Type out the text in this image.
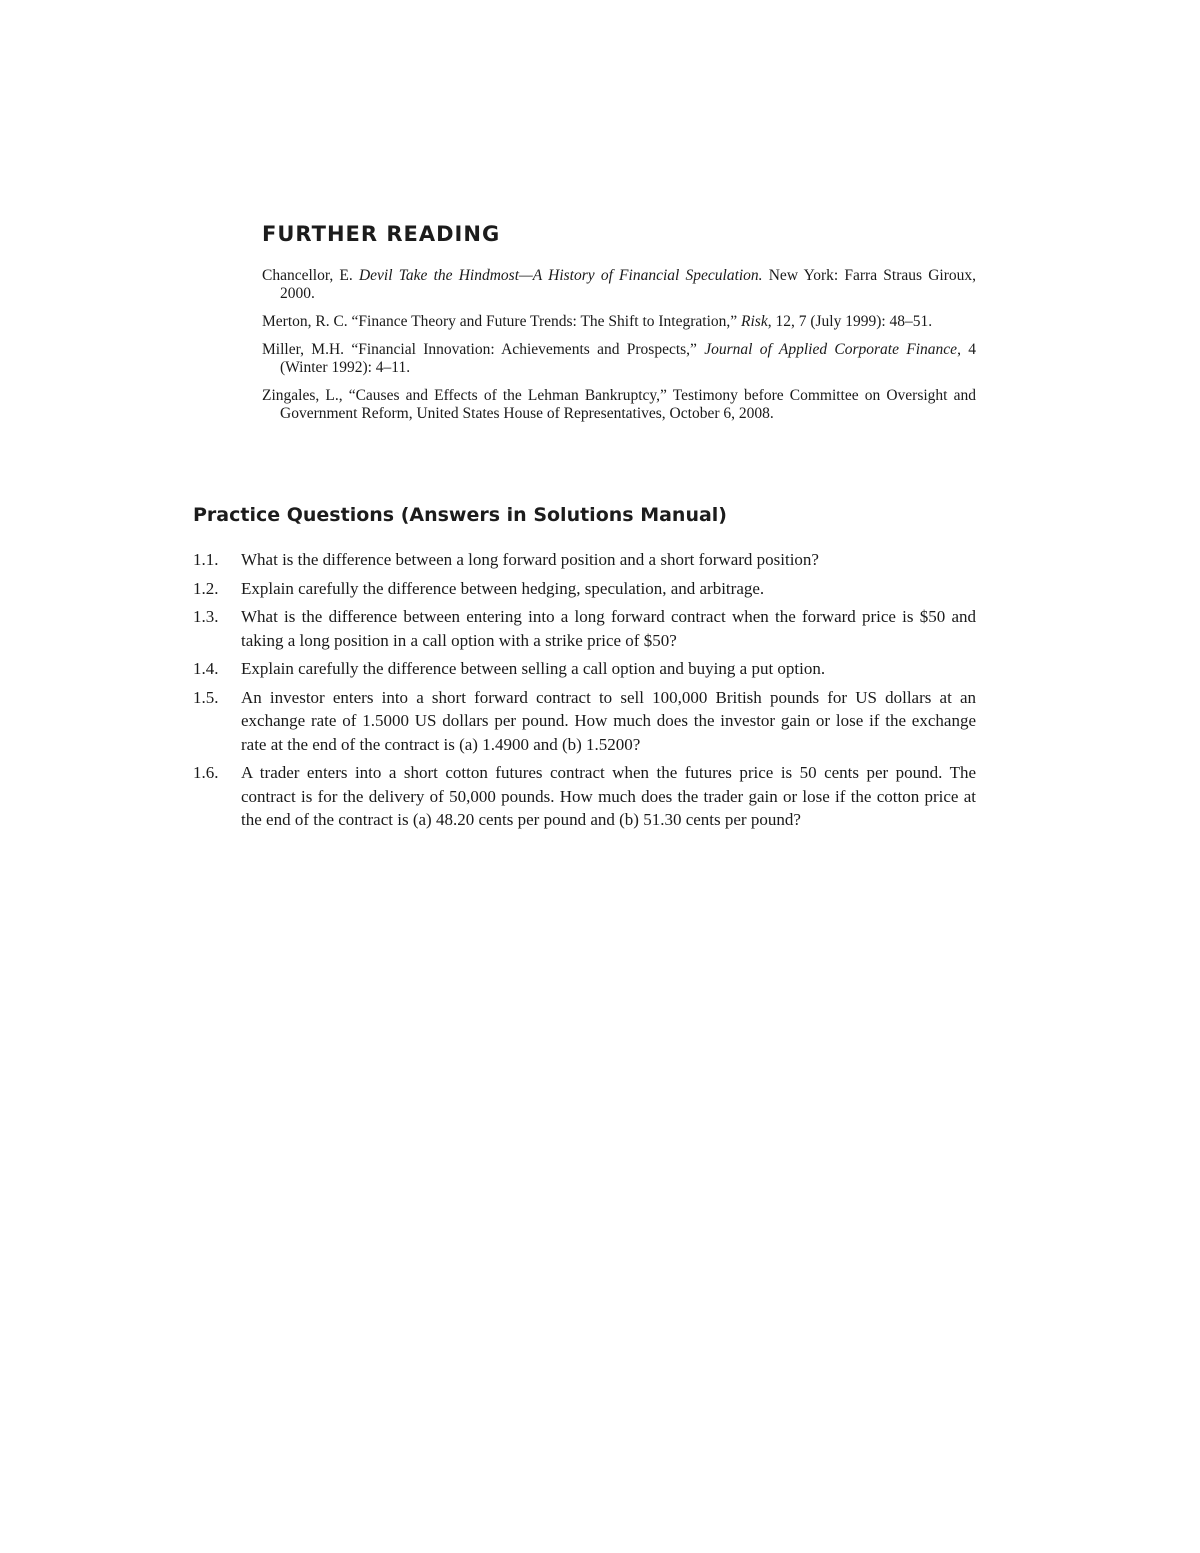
FURTHER READING
Chancellor, E. Devil Take the Hindmost—A History of Financial Speculation. New York: Farra Straus Giroux, 2000.
Merton, R. C. “Finance Theory and Future Trends: The Shift to Integration,” Risk, 12, 7 (July 1999): 48–51.
Miller, M.H. “Financial Innovation: Achievements and Prospects,” Journal of Applied Corporate Finance, 4 (Winter 1992): 4–11.
Zingales, L., “Causes and Effects of the Lehman Bankruptcy,” Testimony before Committee on Oversight and Government Reform, United States House of Representatives, October 6, 2008.
Practice Questions (Answers in Solutions Manual)
1.1.	What is the difference between a long forward position and a short forward position?
1.2.	Explain carefully the difference between hedging, speculation, and arbitrage.
1.3.	What is the difference between entering into a long forward contract when the forward price is $50 and taking a long position in a call option with a strike price of $50?
1.4.	Explain carefully the difference between selling a call option and buying a put option.
1.5.	An investor enters into a short forward contract to sell 100,000 British pounds for US dollars at an exchange rate of 1.5000 US dollars per pound. How much does the investor gain or lose if the exchange rate at the end of the contract is (a) 1.4900 and (b) 1.5200?
1.6.	A trader enters into a short cotton futures contract when the futures price is 50 cents per pound. The contract is for the delivery of 50,000 pounds. How much does the trader gain or lose if the cotton price at the end of the contract is (a) 48.20 cents per pound and (b) 51.30 cents per pound?
